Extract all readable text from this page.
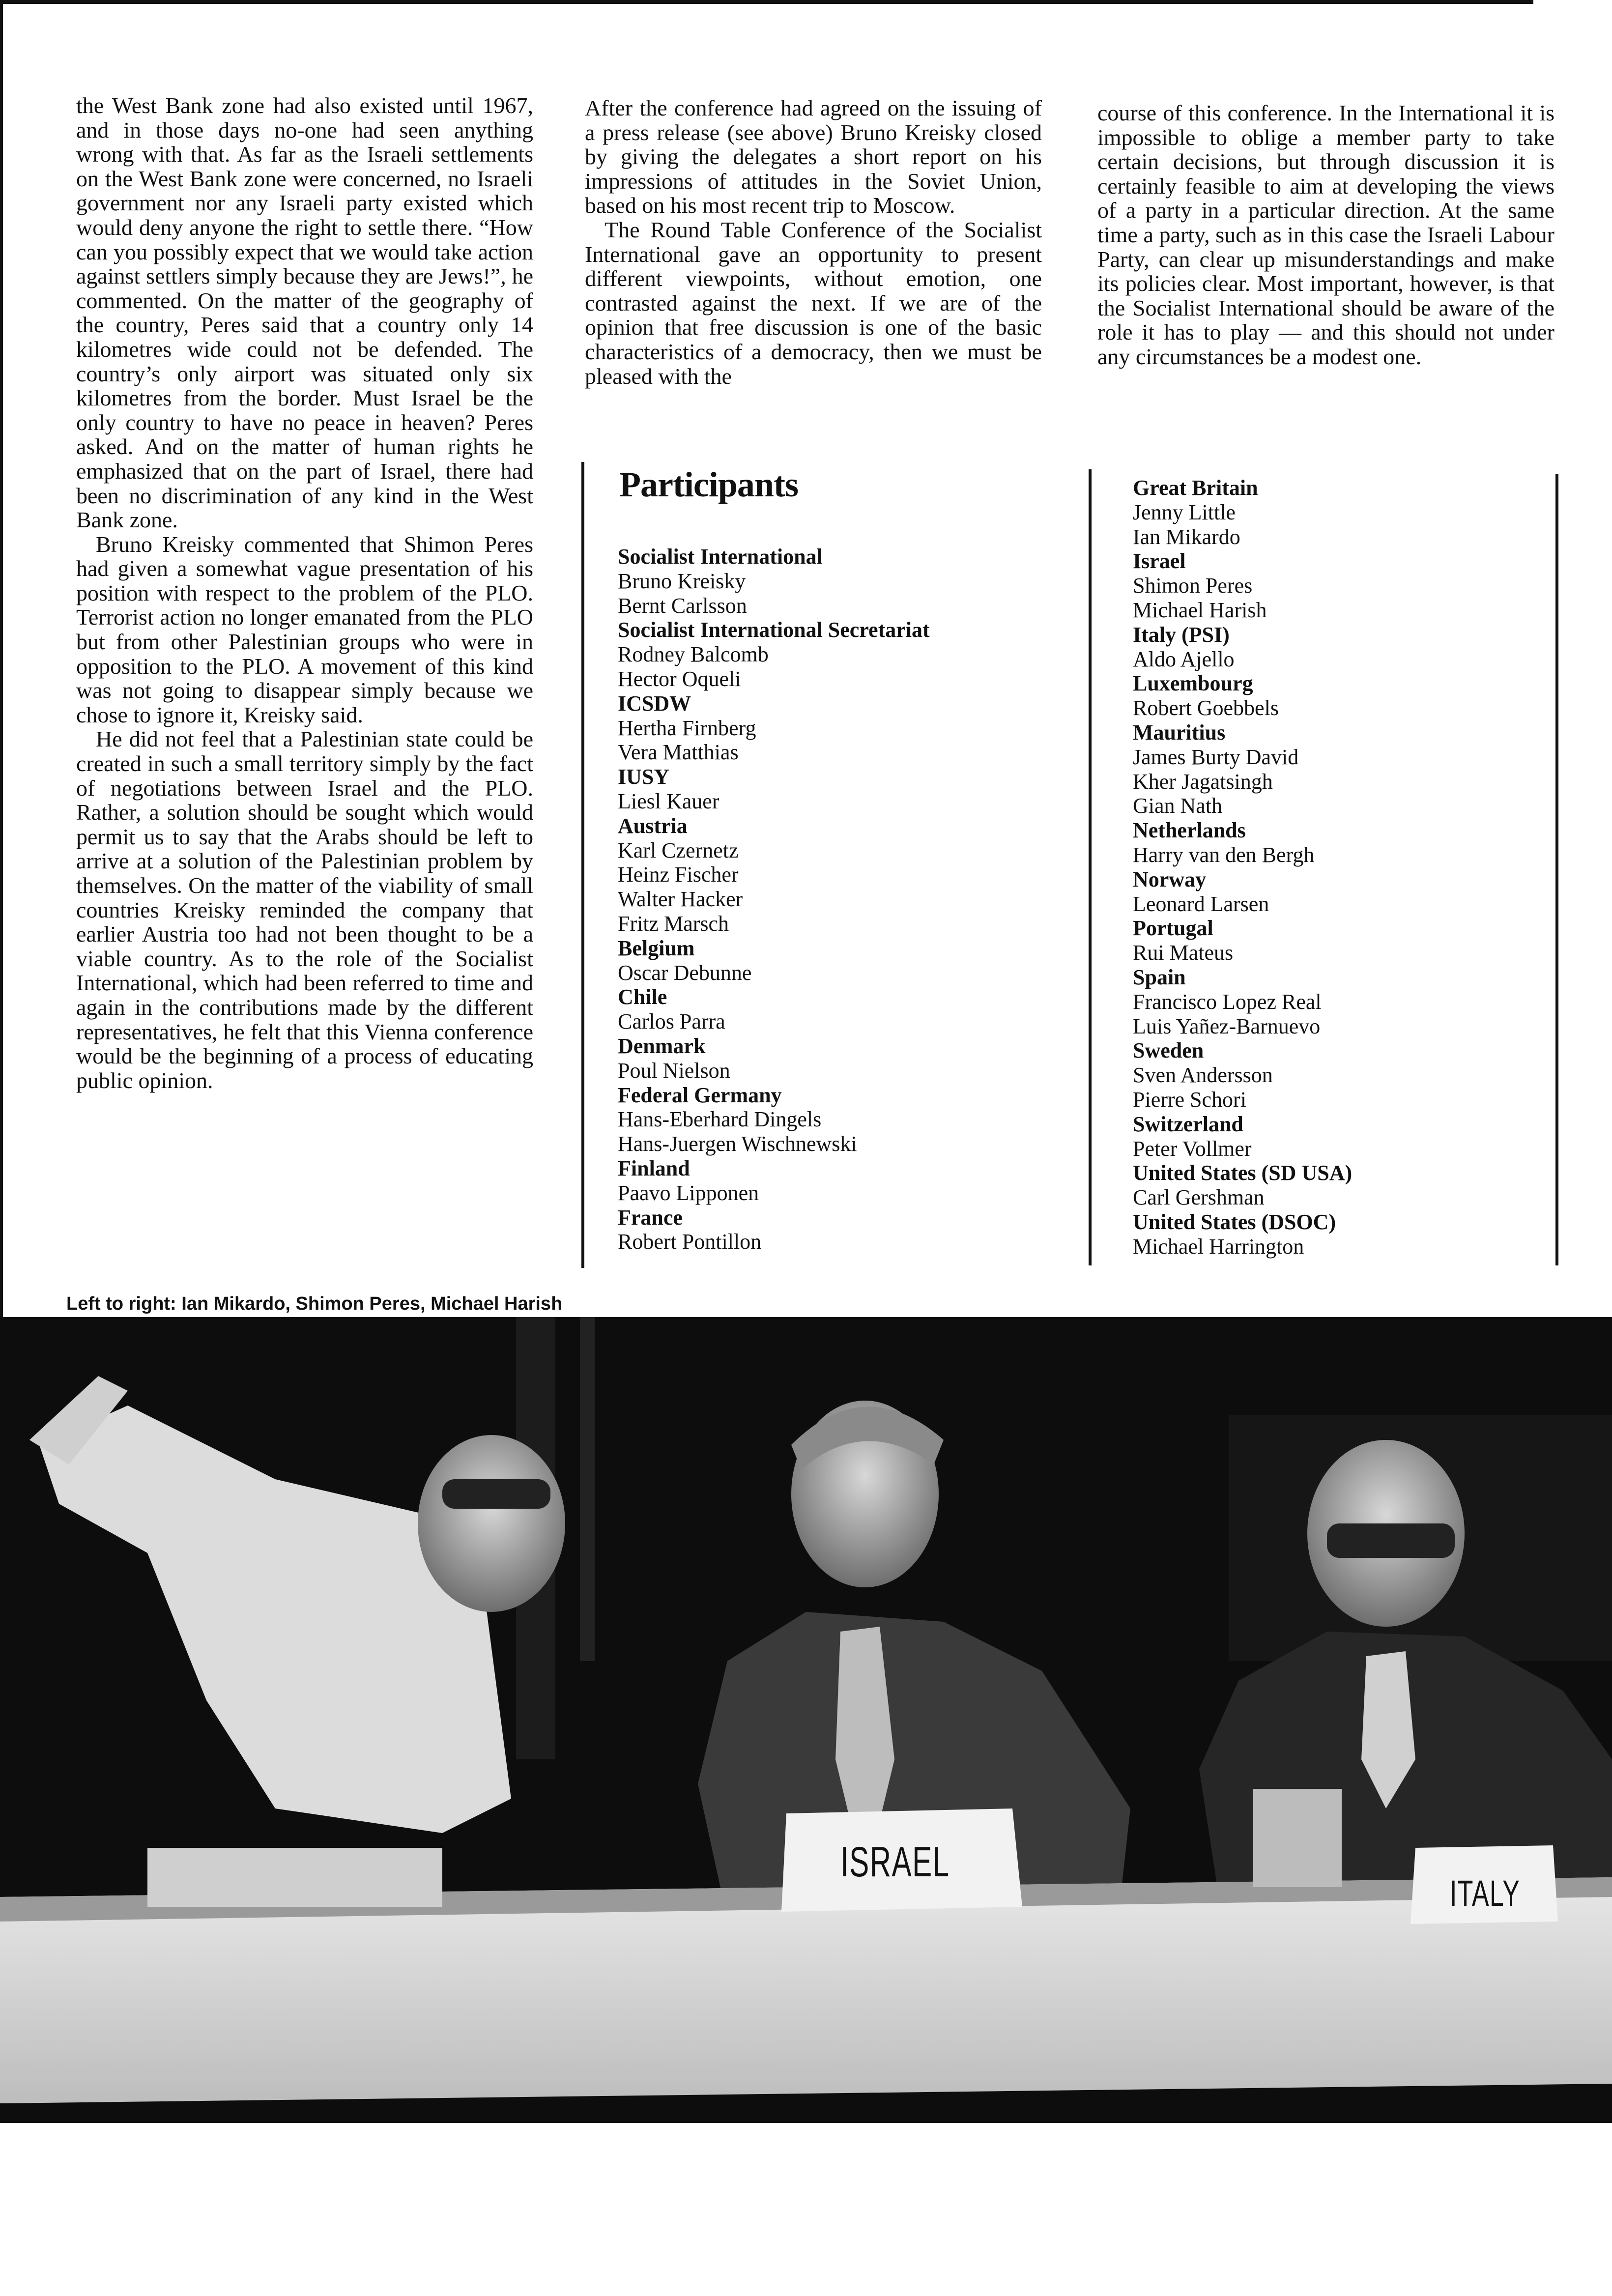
the West Bank zone had also existed until 1967, and in those days no-one had seen anything wrong with that. As far as the Israeli settlements on the West Bank zone were concerned, no Israeli government nor any Israeli party existed which would deny anyone the right to settle there. “How can you possibly expect that we would take action against settlers simply because they are Jews!”, he commented. On the matter of the geography of the country, Peres said that a country only 14 kilometres wide could not be defended. The country’s only airport was situated only six kilometres from the border. Must Israel be the only country to have no peace in heaven? Peres asked. And on the matter of human rights he emphasized that on the part of Israel, there had been no discrimination of any kind in the West Bank zone.

Bruno Kreisky commented that Shimon Peres had given a somewhat vague presentation of his position with respect to the problem of the PLO. Terrorist action no longer emanated from the PLO but from other Palestinian groups who were in opposition to the PLO. A movement of this kind was not going to disappear simply because we chose to ignore it, Kreisky said.

He did not feel that a Palestinian state could be created in such a small territory simply by the fact of negotiations between Israel and the PLO. Rather, a solution should be sought which would permit us to say that the Arabs should be left to arrive at a solution of the Palestinian problem by themselves. On the matter of the viability of small countries Kreisky reminded the company that earlier Austria too had not been thought to be a viable country. As to the role of the Socialist International, which had been referred to time and again in the contributions made by the different representatives, he felt that this Vienna conference would be the beginning of a process of educating public opinion.

After the conference had agreed on the issuing of a press release (see above) Bruno Kreisky closed by giving the delegates a short report on his impressions of attitudes in the Soviet Union, based on his most recent trip to Moscow.

The Round Table Conference of the Socialist International gave an opportunity to present different viewpoints, without emotion, one contrasted against the next. If we are of the opinion that free discussion is one of the basic characteristics of a democracy, then we must be pleased with the

course of this conference. In the International it is impossible to oblige a member party to take certain decisions, but through discussion it is certainly feasible to aim at developing the views of a party in a particular direction. At the same time a party, such as in this case the Israeli Labour Party, can clear up misunderstandings and make its policies clear. Most important, however, is that the Socialist International should be aware of the role it has to play — and this should not under any circumstances be a modest one.

Participants
Socialist International
Bruno Kreisky
Bernt Carlsson
Socialist International Secretariat
Rodney Balcomb
Hector Oqueli
ICSDW
Hertha Firnberg
Vera Matthias
IUSY
Liesl Kauer
Austria
Karl Czernetz
Heinz Fischer
Walter Hacker
Fritz Marsch
Belgium
Oscar Debunne
Chile
Carlos Parra
Denmark
Poul Nielson
Federal Germany
Hans-Eberhard Dingels
Hans-Juergen Wischnewski
Finland
Paavo Lipponen
France
Robert Pontillon
Great Britain
Jenny Little
Ian Mikardo
Israel
Shimon Peres
Michael Harish
Italy (PSI)
Aldo Ajello
Luxembourg
Robert Goebbels
Mauritius
James Burty David
Kher Jagatsingh
Gian Nath
Netherlands
Harry van den Bergh
Norway
Leonard Larsen
Portugal
Rui Mateus
Spain
Francisco Lopez Real
Luis Yañez-Barnuevo
Sweden
Sven Andersson
Pierre Schori
Switzerland
Peter Vollmer
United States (SD USA)
Carl Gershman
United States (DSOC)
Michael Harrington
Left to right: Ian Mikardo, Shimon Peres, Michael Harish
ISRAEL
ITALY
